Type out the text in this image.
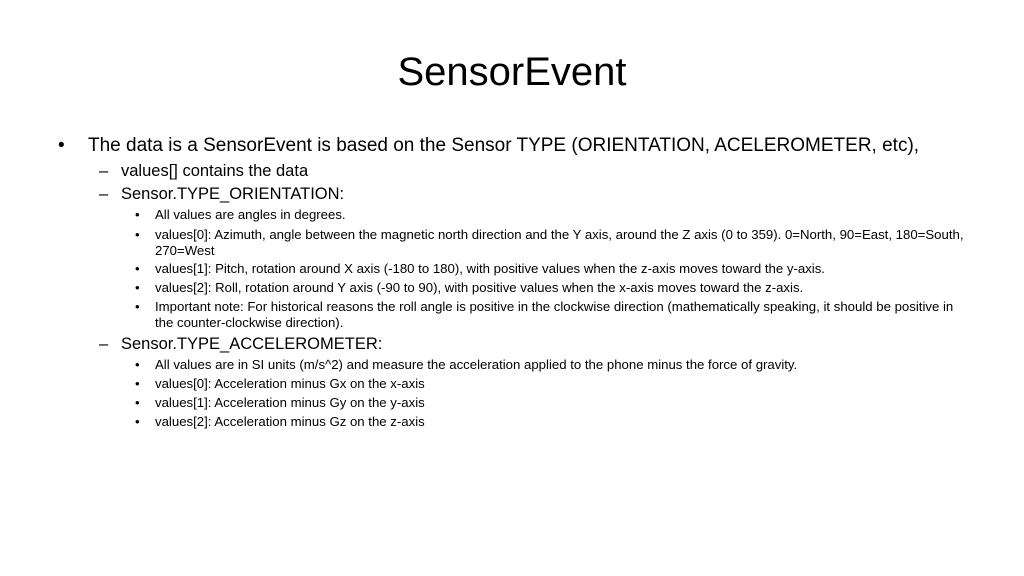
SensorEvent
•	The data is a SensorEvent is based on the Sensor TYPE (ORIENTATION, ACELEROMETER, etc),
– values[] contains the data
– Sensor.TYPE_ORIENTATION:
•	All values are angles in degrees.
•	values[0]: Azimuth, angle between the magnetic north direction and the Y axis, around the Z axis (0 to 359). 0=North, 90=East, 180=South, 270=West
•	values[1]: Pitch, rotation around X axis (-180 to 180), with positive values when the z-axis moves toward the y-axis.
•	values[2]: Roll, rotation around Y axis (-90 to 90), with positive values when the x-axis moves toward the z-axis.
•	Important note: For historical reasons the roll angle is positive in the clockwise direction (mathematically speaking, it should be positive in the counter-clockwise direction).
– Sensor.TYPE_ACCELEROMETER:
•	All values are in SI units (m/s^2) and measure the acceleration applied to the phone minus the force of gravity.
•	values[0]: Acceleration minus Gx on the x-axis
•	values[1]: Acceleration minus Gy on the y-axis
•	values[2]: Acceleration minus Gz on the z-axis
